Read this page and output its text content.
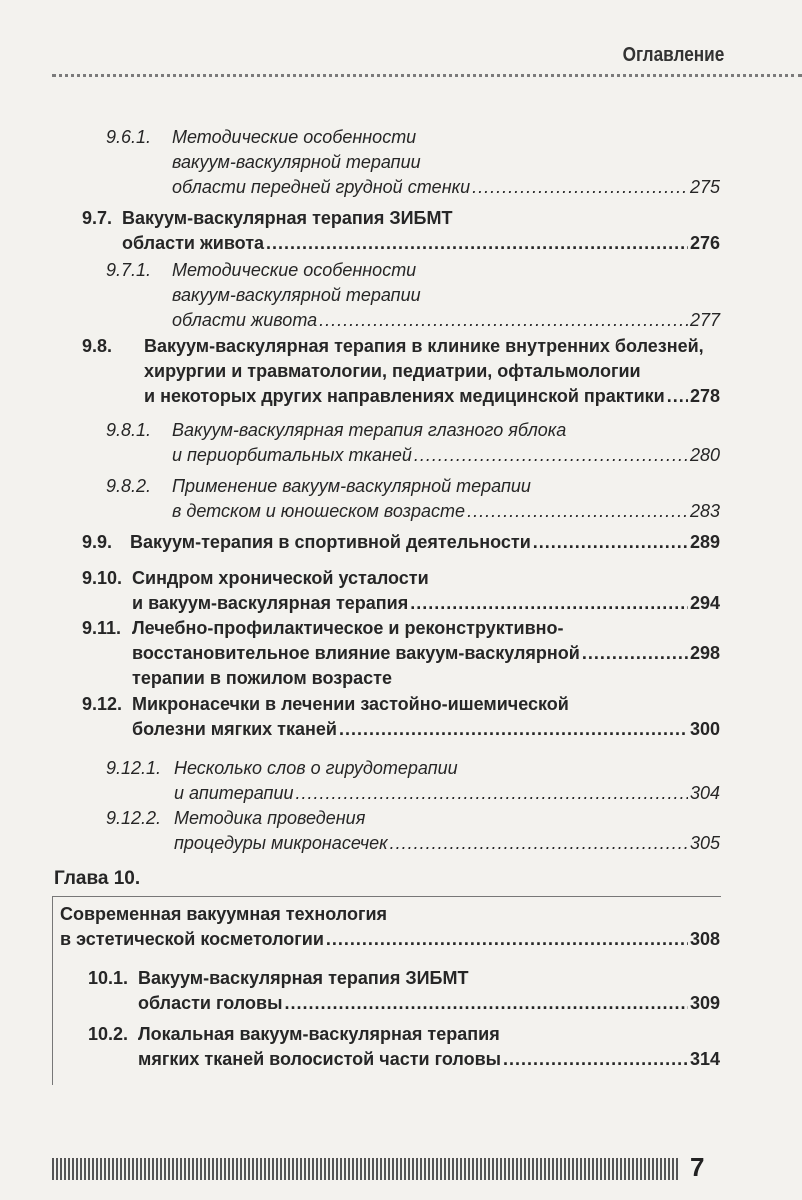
Оглавление
9.6.1. Методические особенности
вакуум-васкулярной терапии
области передней грудной стенки .....	275
9.7. Вакуум-васкулярная терапия ЗИБМТ
области живота .....	276
9.7.1. Методические особенности
вакуум-васкулярной терапии
области живота .....	277
9.8. Вакуум-васкулярная терапия в клинике внутренних болезней,
хирургии и травматологии, педиатрии, офтальмологии
и некоторых других направлениях медицинской практики ..... 278
9.8.1. Вакуум-васкулярная терапия глазного яблока
и периорбитальных тканей .....	280
9.8.2. Применение вакуум-васкулярной терапии
в детском и юношеском возрасте .....	283
9.9. Вакуум-терапия в спортивной деятельности .....	289
9.10. Синдром хронической усталости
и вакуум-васкулярная терапия .....	294
9.11. Лечебно-профилактическое и реконструктивно-
восстановительное влияние вакуум-васкулярной .....	298
терапии в пожилом возрасте
9.12. Микронасечки в лечении застойно-ишемической
болезни мягких тканей .....	300
9.12.1. Несколько слов о гирудотерапии
и апитерапии .....	304
9.12.2. Методика проведения
процедуры микронасечек .....	305
Глава 10.
Современная вакуумная технология
в эстетической косметологии .....	308
10.1. Вакуум-васкулярная терапия ЗИБМТ
области головы .....	309
10.2. Локальная вакуум-васкулярная терапия
мягких тканей волосистой части головы .....	314
7
